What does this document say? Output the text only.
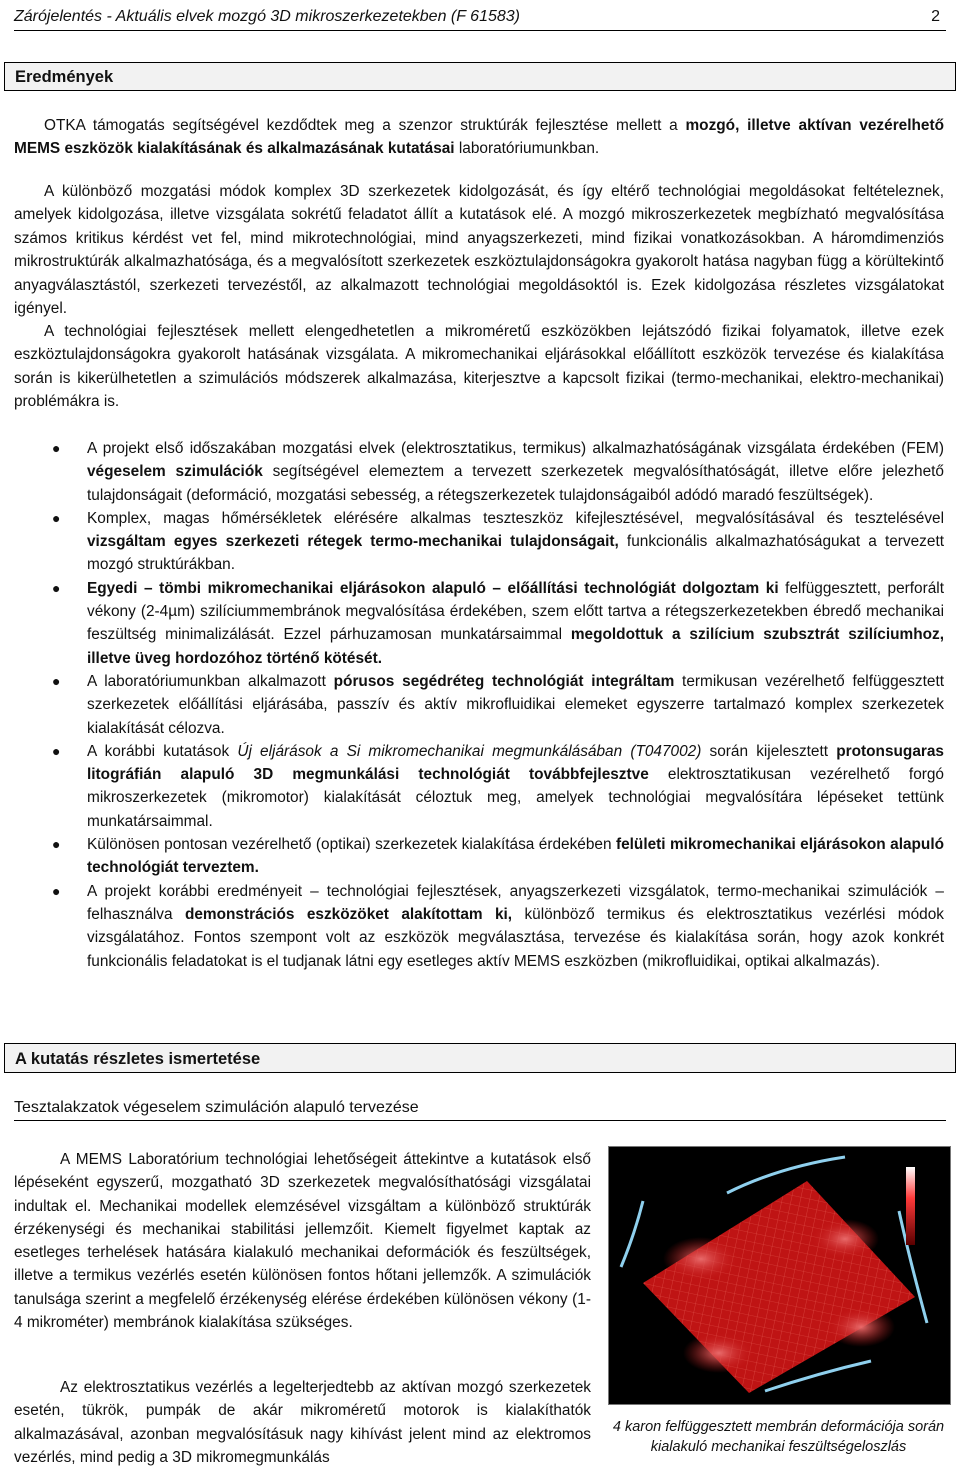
Zárójelentés - Aktuális elvek mozgó 3D mikroszerkezetekben (F 61583)	2
Eredmények

OTKA támogatás segítségével kezdődtek meg a szenzor struktúrák fejlesztése mellett a mozgó, illetve aktívan vezérelhető MEMS eszközök kialakításának és alkalmazásának kutatásai laboratóriumunkban.

A különböző mozgatási módok komplex 3D szerkezetek kidolgozását, és így eltérő technológiai megoldásokat feltételeznek, amelyek kidolgozása, illetve vizsgálata sokrétű feladatot állít a kutatások elé. A mozgó mikroszerkezetek megbízható megvalósítása számos kritikus kérdést vet fel, mind mikrotechnológiai, mind anyagszerkezeti, mind fizikai vonatkozásokban. A háromdimenziós mikrostruktúrák alkalmazhatósága, és a megvalósított szerkezetek eszköztulajdonságokra gyakorolt hatása nagyban függ a körültekintő anyagválasztástól, szerkezeti tervezéstől, az alkalmazott technológiai megoldásoktól is. Ezek kidolgozása részletes vizsgálatokat igényel.

A technológiai fejlesztések mellett elengedhetetlen a mikroméretű eszközökben lejátszódó fizikai folyamatok, illetve ezek eszköztulajdonságokra gyakorolt hatásának vizsgálata. A mikromechanikai eljárásokkal előállított eszközök tervezése és kialakítása során is kikerülhetetlen a szimulációs módszerek alkalmazása, kiterjesztve a kapcsolt fizikai (termo-mechanikai, elektro-mechanikai) problémákra is.

● A projekt első időszakában mozgatási elvek (elektrosztatikus, termikus) alkalmazhatóságának vizsgálata érdekében (FEM) végeselem szimulációk segítségével elemeztem a tervezett szerkezetek megvalósíthatóságát, illetve előre jelezhető tulajdonságait (deformáció, mozgatási sebesség, a rétegszerkezetek tulajdonságaiból adódó maradó feszültségek).
● Komplex, magas hőmérsékletek elérésére alkalmas teszteszköz kifejlesztésével, megvalósításával és tesztelésével vizsgáltam egyes szerkezeti rétegek termo-mechanikai tulajdonságait, funkcionális alkalmazhatóságukat a tervezett mozgó struktúrákban.
● Egyedi – tömbi mikromechanikai eljárásokon alapuló – előállítási technológiát dolgoztam ki felfüggesztett, perforált vékony (2-4µm) szilíciummembránok megvalósítása érdekében, szem előtt tartva a rétegszerkezetekben ébredő mechanikai feszültség minimalizálását. Ezzel párhuzamosan munkatársaimmal megoldottuk a szilícium szubsztrát szilíciumhoz, illetve üveg hordozóhoz történő kötését.
● A laboratóriumunkban alkalmazott pórusos segédréteg technológiát integráltam termikusan vezérelhető felfüggesztett szerkezetek előállítási eljárásába, passzív és aktív mikrofluidikai elemeket egyszerre tartalmazó komplex szerkezetek kialakítását célozva.
● A korábbi kutatások Új eljárások a Si mikromechanikai megmunkálásában (T047002) során kijelesztett protonsugaras litográfián alapuló 3D megmunkálási technológiát továbbfejlesztve elektrosztatikusan vezérelhető forgó mikroszerkezetek (mikromotor) kialakítását céloztuk meg, amelyek technológiai megvalósítára lépéseket tettünk munkatársaimmal.
● Különösen pontosan vezérelhető (optikai) szerkezetek kialakítása érdekében felületi mikromechanikai eljárásokon alapuló technológiát terveztem.
● A projekt korábbi eredményeit – technológiai fejlesztések, anyagszerkezeti vizsgálatok, termo-mechanikai szimulációk – felhasználva demonstrációs eszközöket alakítottam ki, különböző termikus és elektrosztatikus vezérlési módok vizsgálatához. Fontos szempont volt az eszközök megválasztása, tervezése és kialakítása során, hogy azok konkrét funkcionális feladatokat is el tudjanak látni egy esetleges aktív MEMS eszközben (mikrofluidikai, optikai alkalmazás).
A kutatás részletes ismertetése
Tesztalakzatok végeselem szimuláción alapuló tervezése

A MEMS Laboratórium technológiai lehetőségeit áttekintve a kutatások első lépéseként egyszerű, mozgatható 3D szerkezetek megvalósíthatósági vizsgálatai indultak el. Mechanikai modellek elemzésével vizsgáltam a különböző struktúrák érzékenységi és mechanikai stabilitási jellemzőit. Kiemelt figyelmet kaptak az esetleges terhelések hatására kialakuló mechanikai deformációk és feszültségek, illetve a termikus vezérlés esetén különösen fontos hőtani jellemzők. A szimulációk tanulsága szerint a megfelelő érzékenység elérése érdekében különösen vékony (1-4 mikrométer) membránok kialakítása szükséges.

Az elektrosztatikus vezérlés a legelterjedtebb az aktívan mozgó szerkezetek esetén, tükrök, pumpák de akár mikroméretű motorok is kialakíthatók alkalmazásával, azonban megvalósításuk nagy kihívást jelent mind az elektromos vezérlés, mind pedig a 3D mikromegmunkálás

4 karon felfüggesztett membrán deformációja során kialakuló mechanikai feszültségeloszlás
